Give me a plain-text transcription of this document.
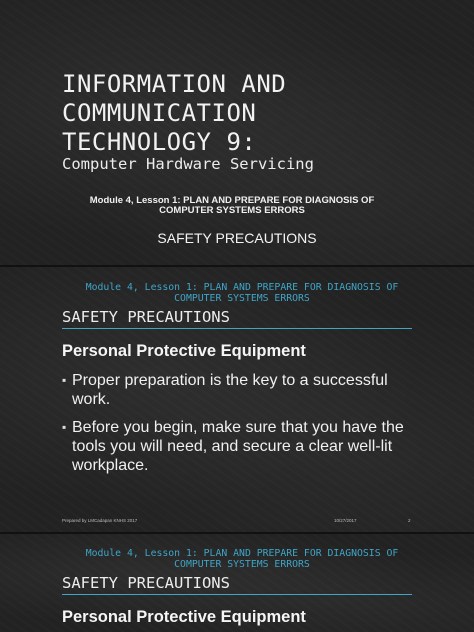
INFORMATION AND
COMMUNICATION
TECHNOLOGY 9:
Computer Hardware Servicing
Module 4, Lesson 1: PLAN AND PREPARE FOR DIAGNOSIS OF
COMPUTER SYSTEMS ERRORS
SAFETY PRECAUTIONS
Module 4, Lesson 1: PLAN AND PREPARE FOR DIAGNOSIS OF
COMPUTER SYSTEMS ERRORS
SAFETY PRECAUTIONS
Personal Protective Equipment
▪ Proper preparation is the key to a successful work.
▪ Before you begin, make sure that you have the tools you will need, and secure a clear well-lit workplace.
Prepared by LMCadapan KNHS 2017	10/27/2017	2
Module 4, Lesson 1: PLAN AND PREPARE FOR DIAGNOSIS OF
COMPUTER SYSTEMS ERRORS
SAFETY PRECAUTIONS
Personal Protective Equipment
